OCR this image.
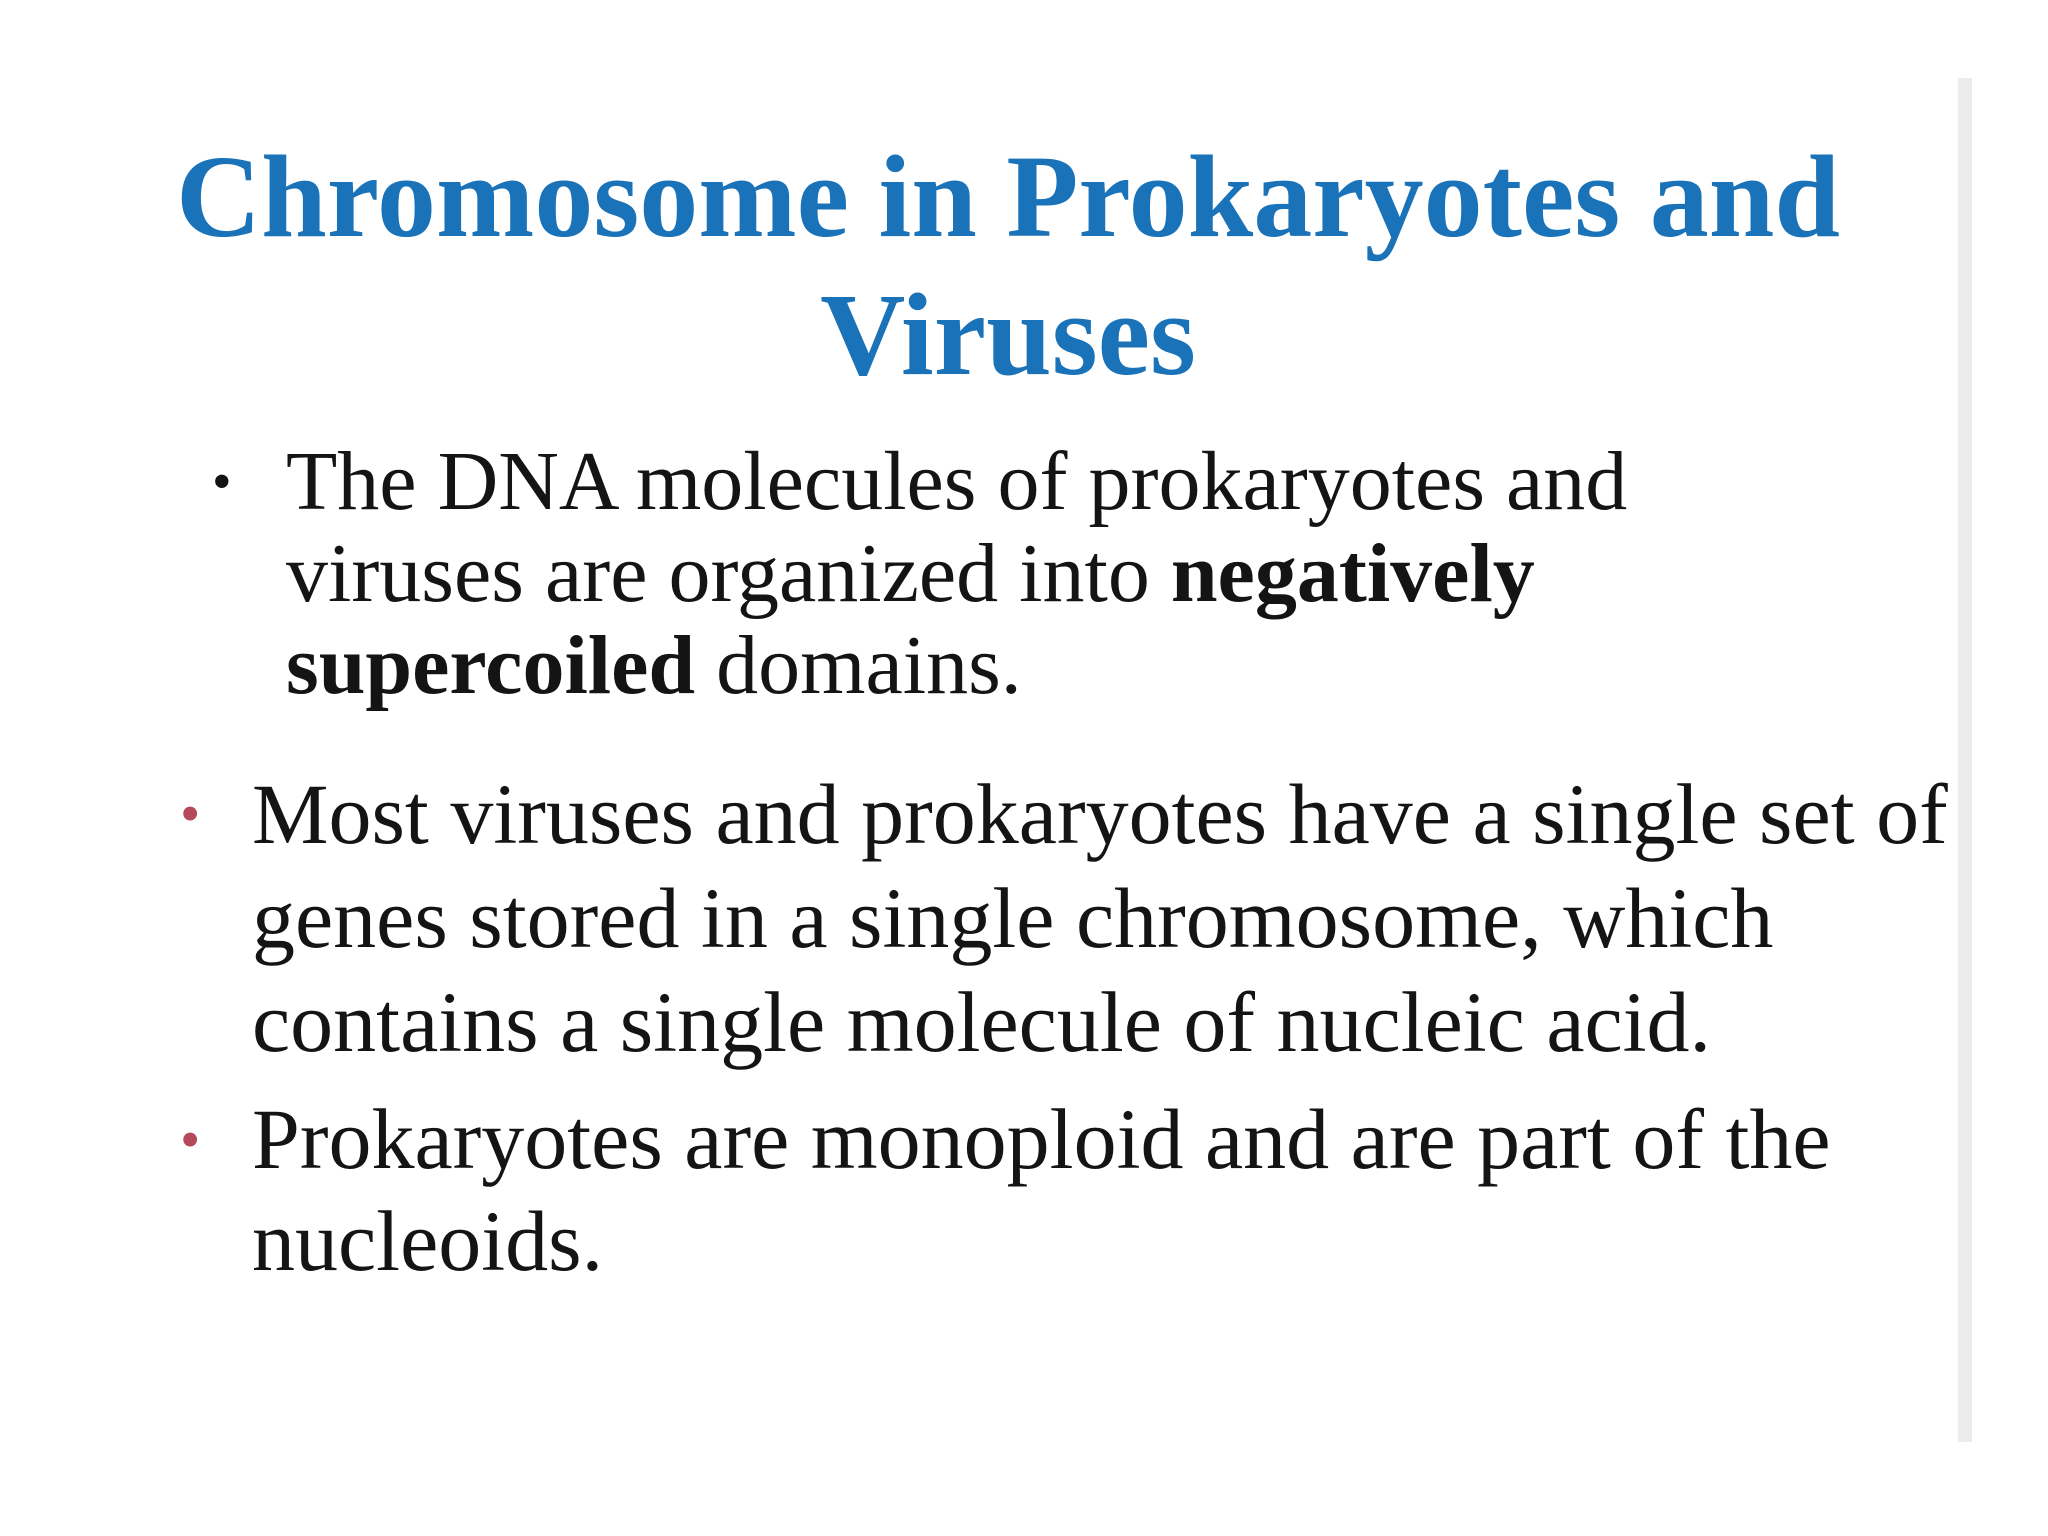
Chromosome in Prokaryotes and
Viruses

• The DNA molecules of prokaryotes and
viruses are organized into negatively
supercoiled domains.

• Most viruses and prokaryotes have a single set of
genes stored in a single chromosome, which
contains a single molecule of nucleic acid.

• Prokaryotes are monoploid and are part of the
nucleoids.
